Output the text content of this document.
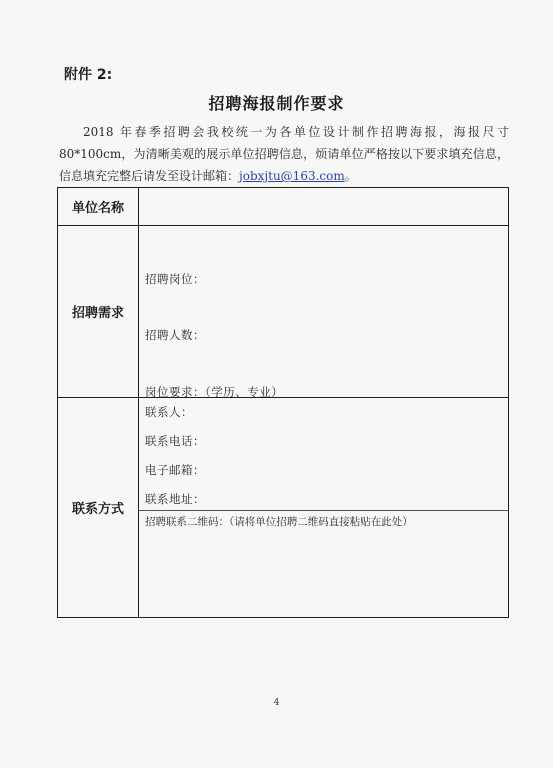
附件 2:
招聘海报制作要求
2018 年春季招聘会我校统一为各单位设计制作招聘海报，海报尺寸80*100cm，为清晰美观的展示单位招聘信息，烦请单位严格按以下要求填充信息，信息填充完整后请发至设计邮箱：jobxjtu@163.com。
单位名称	
招聘需求	招聘岗位：
招聘人数：
岗位要求：（学历、专业）

联系方式	联系人：
联系电话：
电子邮箱：
联系地址：
招聘联系二维码：（请将单位招聘二维码直接粘贴在此处）
4
